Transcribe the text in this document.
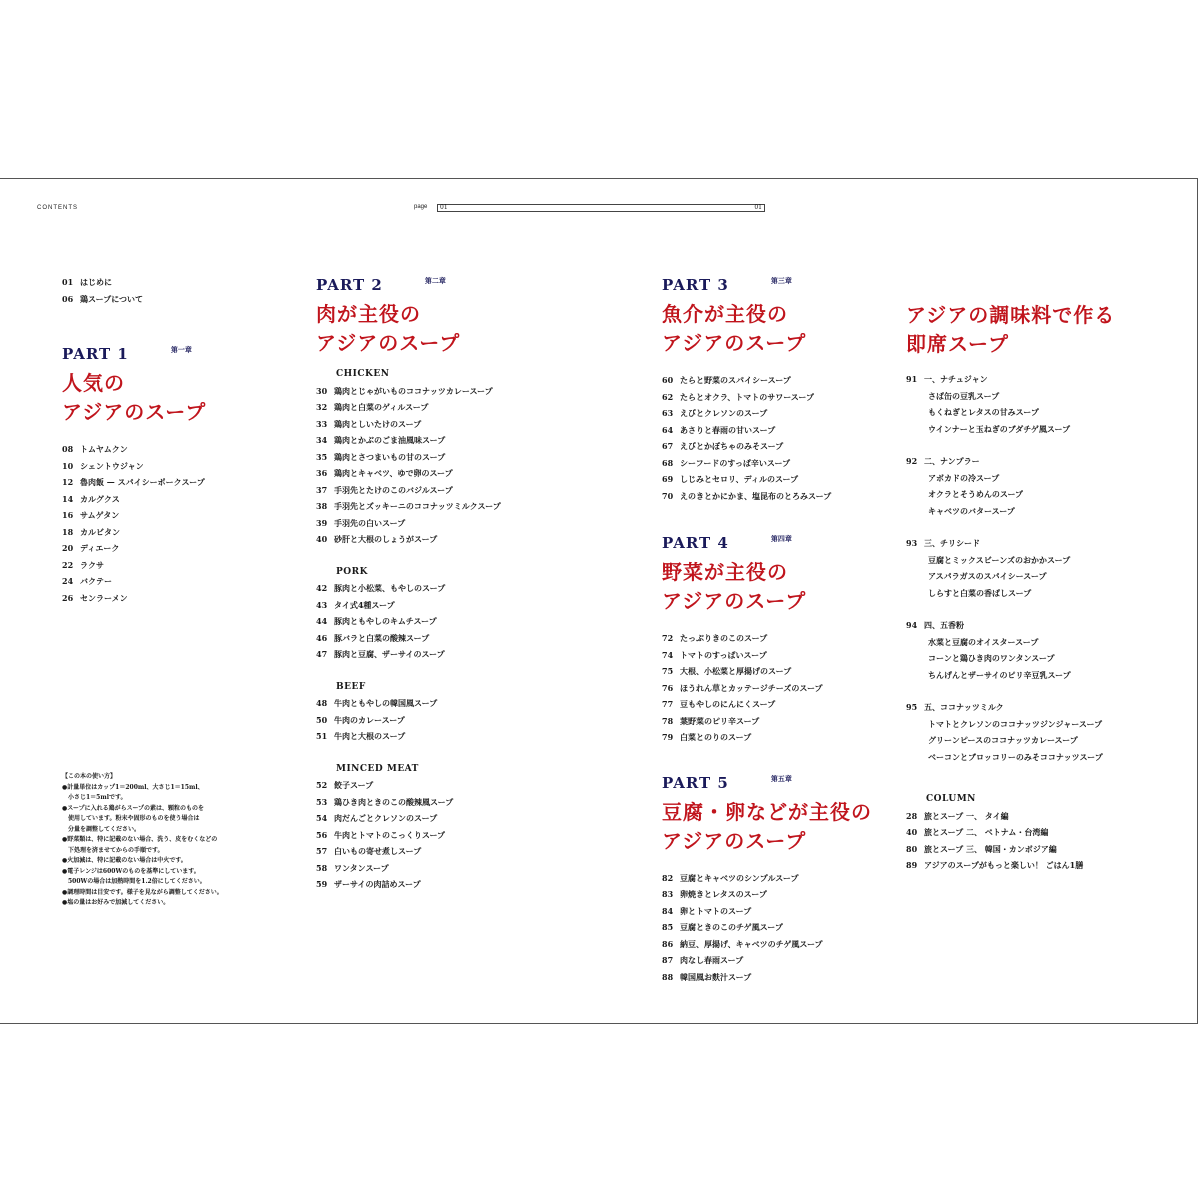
CONTENTS	page 01	01
01 はじめに
06 鶏スープについて
PART 1	$^{第一章}$
人気の
アジアのスープ
08 トムヤムクン
10 シェントウジャン
12 魯肉飯 — スパイシーポークスープ
14 カルグクス
16 サムゲタン
18 カルビタン
20 ディエーク
22 ラクサ
24 バクテー
26 センラーメン

【この本の使い方】

●計量単位はカップ1＝200ml、大さじ1＝15ml、

　小さじ1＝5mlです。

●スープに入れる鶏がらスープの素は、顆粒のものを

　使用しています。粉末や固形のものを使う場合は

　分量を調整してください。

●野菜類は、特に記載のない場合、洗う、皮をむくなどの

　下処理を済ませてからの手順です。

●火加減は、特に記載のない場合は中火です。

●電子レンジは600Wのものを基準にしています。

　500Wの場合は加熱時間を1.2倍にしてください。

●調理時間は目安です。様子を見ながら調整してください。

●塩の量はお好みで加減してください。

PART 2	$^{第二章}$
肉が主役の
アジアのスープ
CHICKEN
30 鶏肉とじゃがいものココナッツカレースープ
32 鶏肉と白菜のゲィルスープ
33 鶏肉としいたけのスープ
34 鶏肉とかぶのごま油風味スープ
35 鶏肉とさつまいもの甘のスープ
36 鶏肉とキャベツ、ゆで卵のスープ
37 手羽先とたけのこのバジルスープ
38 手羽先とズッキーニのココナッツミルクスープ
39 手羽先の白いスープ
40 砂肝と大根のしょうがスープ
PORK
42 豚肉と小松菜、もやしのスープ
43 タイ式4種スープ
44 豚肉ともやしのキムチスープ
46 豚バラと白菜の酸辣スープ
47 豚肉と豆腐、ザーサイのスープ
BEEF
48 牛肉ともやしの韓国風スープ
50 牛肉のカレースープ
51 牛肉と大根のスープ
MINCED MEAT
52 餃子スープ
53 鶏ひき肉ときのこの酸辣風スープ
54 肉だんごとクレソンのスープ
56 牛肉とトマトのこっくりスープ
57 白いもの寄せ煮しスープ
58 ワンタンスープ
59 ザーサイの肉詰めスープ
PART 3	$^{第三章}$
魚介が主役の
アジアのスープ
60 たらと野菜のスパイシースープ
62 たらとオクラ、トマトのサワースープ
63 えびとクレソンのスープ
64 あさりと春雨の甘いスープ
67 えびとかぼちゃのみそスープ
68 シーフードのすっぱ辛いスープ
69 しじみとセロリ、ディルのスープ
70 えのきとかにかま、塩昆布のとろみスープ
PART 4	$^{第四章}$
野菜が主役の
アジアのスープ
72 たっぷりきのこのスープ
74 トマトのすっぱいスープ
75 大根、小松菜と厚揚げのスープ
76 ほうれん草とカッテージチーズのスープ
77 豆もやしのにんにくスープ
78 葉野菜のピリ辛スープ
79 白菜とのりのスープ
PART 5	$^{第五章}$
豆腐・卵などが主役の
アジアのスープ
82 豆腐とキャベツのシンプルスープ
83 卵焼きとレタスのスープ
84 卵とトマトのスープ
85 豆腐ときのこのチゲ風スープ
86 納豆、厚揚げ、キャベツのチゲ風スープ
87 肉なし春雨スープ
88 韓国風お麩汁スープ
アジアの調味料で作る
即席スープ
91 一、ナチュジャン
さば缶の豆乳スープ
もくねぎとレタスの甘みスープ
ウインナーと玉ねぎのブダチゲ風スープ
92 二、ナンプラー
アボカドの冷スープ
オクラとそうめんのスープ
キャベツのバタースープ
93 三、チリシード
豆腐とミックスビーンズのおかかスープ
アスパラガスのスパイシースープ
しらすと白菜の香ばしスープ
94 四、五香粉
水菜と豆腐のオイスタースープ
コーンと鶏ひき肉のワンタンスープ
ちんげんとザーサイのピリ辛豆乳スープ
95 五、ココナッツミルク
トマトとクレソンのココナッツジンジャースープ
グリーンピースのココナッツカレースープ
ベーコンとブロッコリーのみそココナッツスープ
COLUMN
28 旅とスープ 一、 タイ編
40 旅とスープ 二、 ベトナム・台湾編
80 旅とスープ 三、 韓国・カンボジア編
89 アジアのスープがもっと楽しい！ ごはん1膳
